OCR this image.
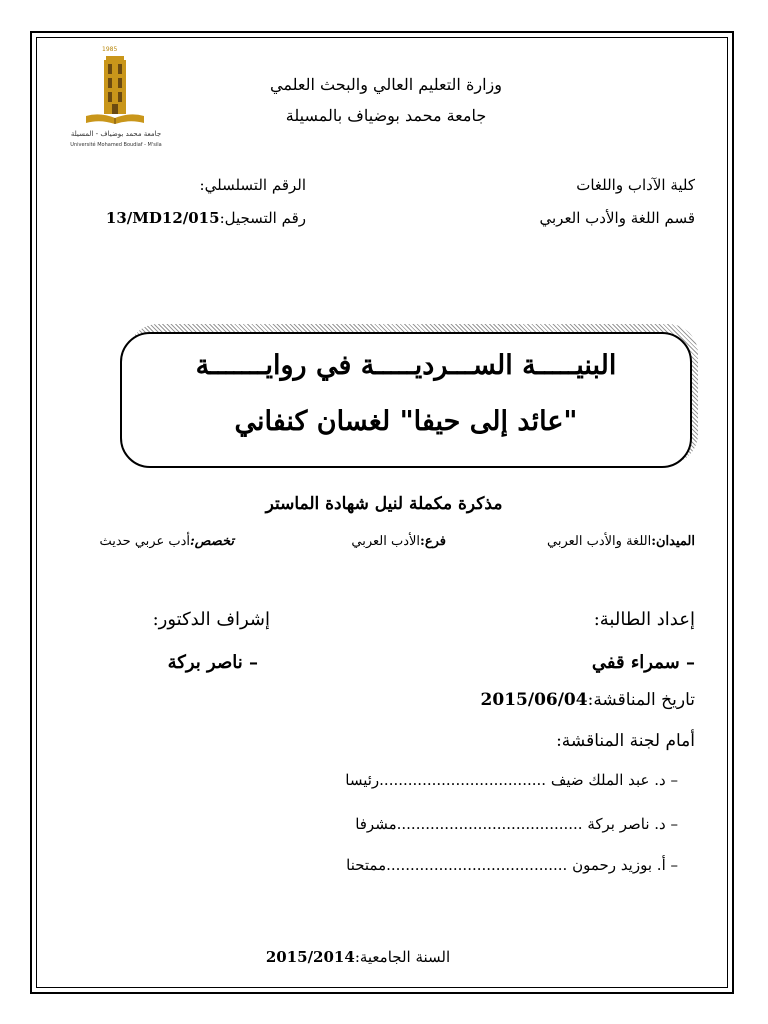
1985
جامعة محمد بوضياف - المسيلة
Université Mohamed Boudiaf - M'sila
وزارة التعليم العالي والبحث العلمي
جامعة محمد بوضياف بالمسيلة
كلية الآداب واللغات
قسم اللغة والأدب العربي
الرقم التسلسلي:
رقم التسجيل:13/MD12/015
البنيـــــة الســـرديـــــة في روايـــــــة
"عائد إلى حيفا" لغسان كنفاني
مذكرة مكملة لنيل شهادة الماستر
الميدان:اللغة والأدب العربي
فرع:الأدب العربي
تخصص:أدب عربي حديث
إعداد الطالبة:
– سمراء قفي
إشراف الدكتور:
– ناصر بركة
تاريخ المناقشة:2015/06/04
أمام لجنة المناقشة:
– د. عبد الملك ضيف ...................................رئيسا
– د. ناصر بركة .......................................مشرفا
– أ. بوزيد رحمون ......................................ممتحنا
السنة الجامعية:2015/2014
